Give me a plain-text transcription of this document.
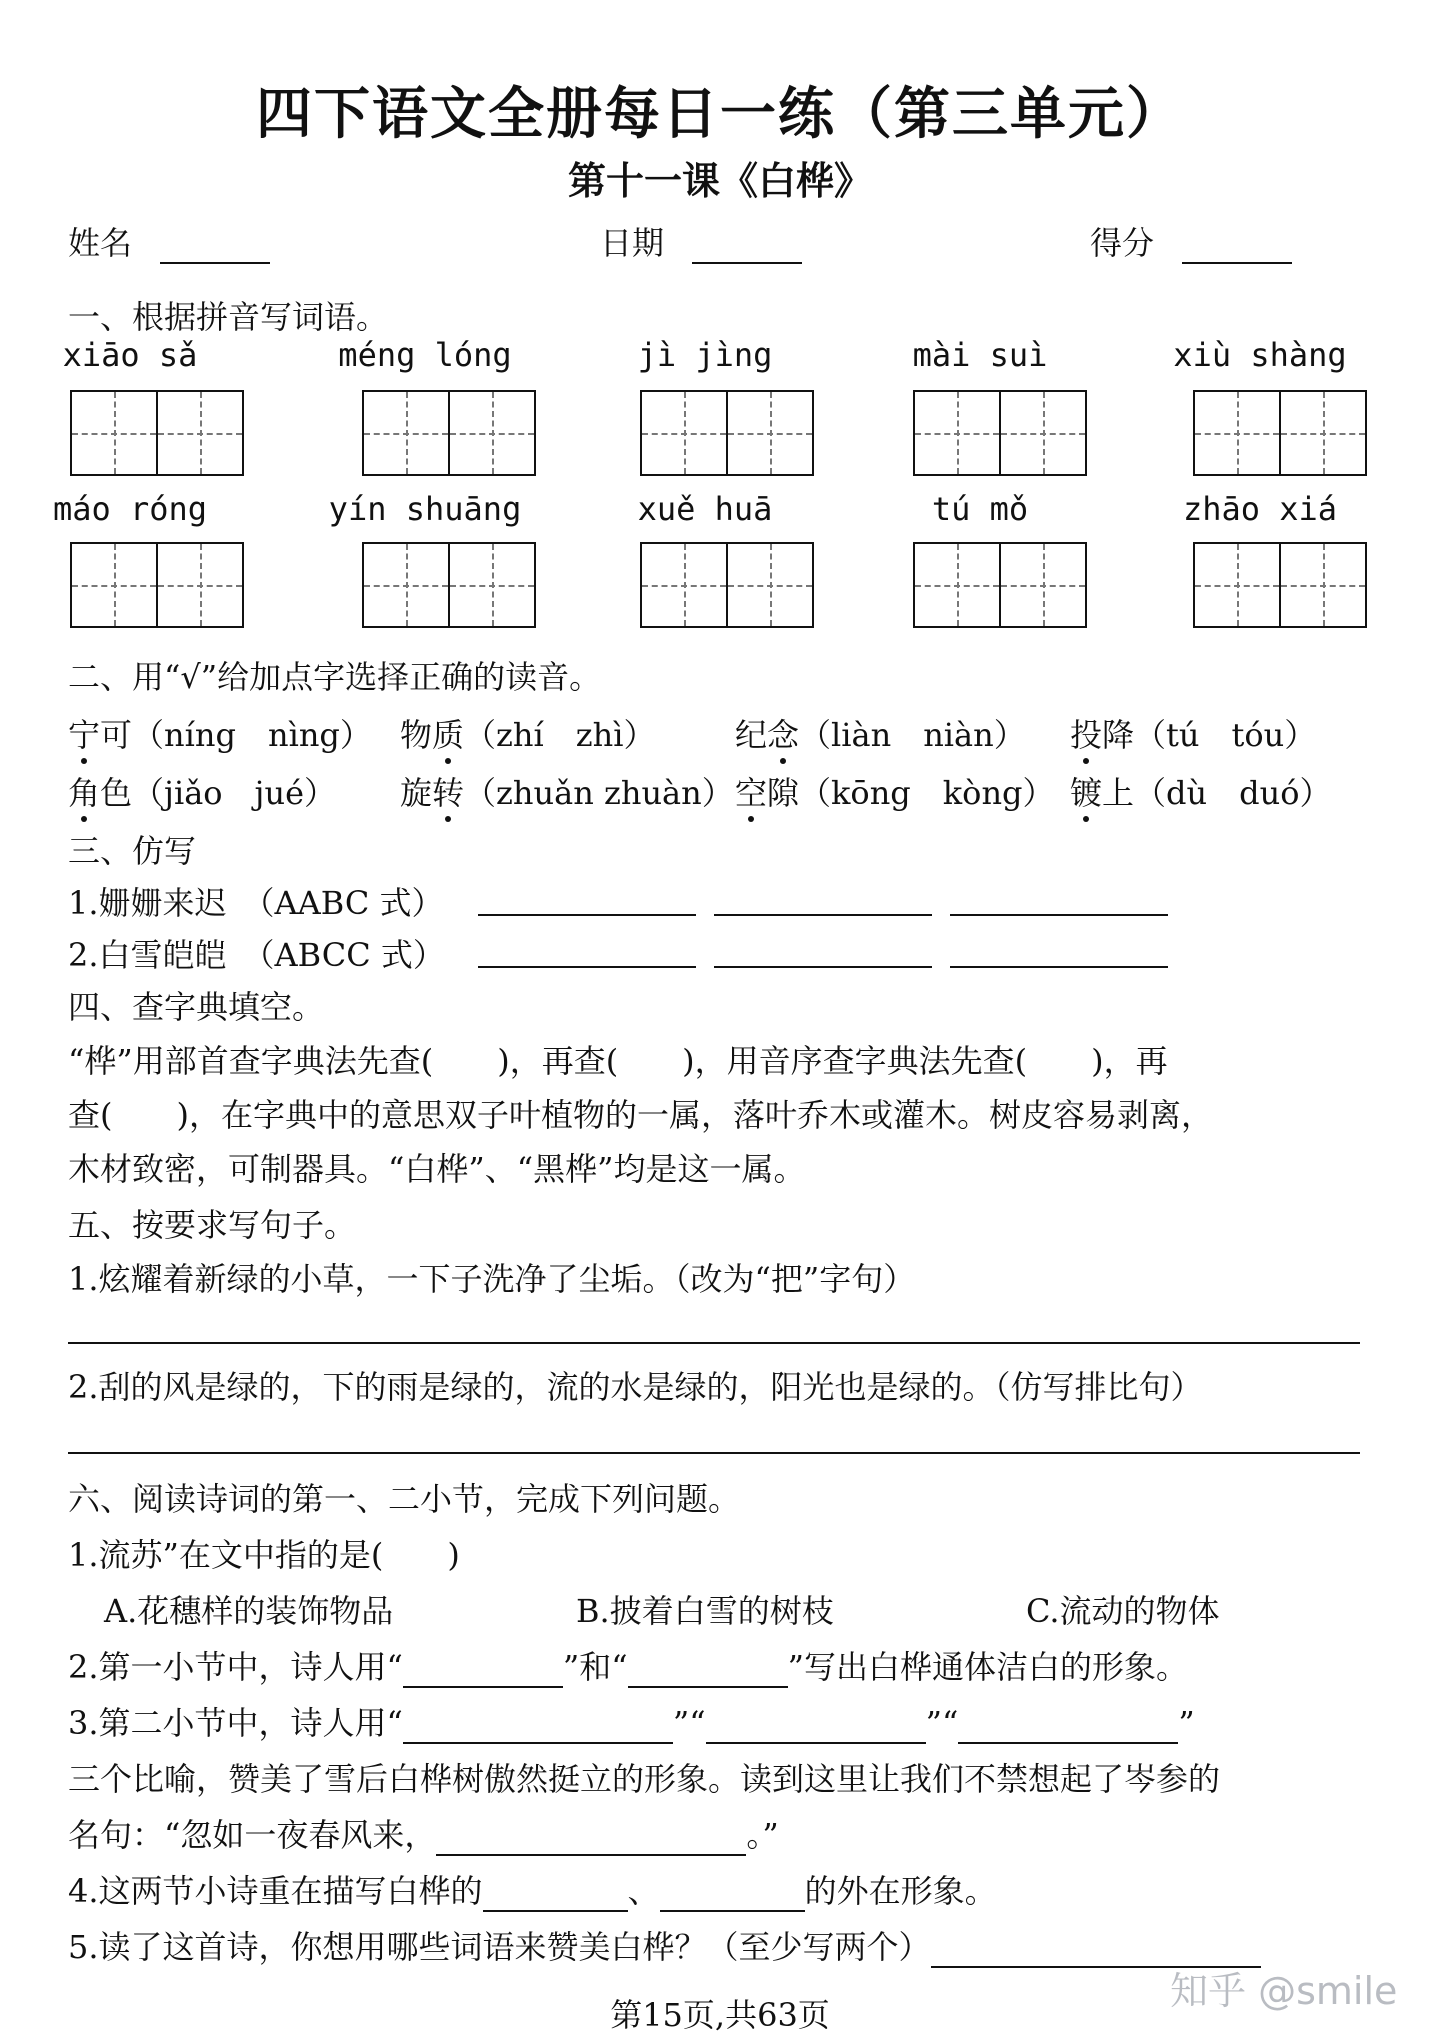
四下语文全册每日一练（第三单元）
第十一课《白桦》
姓名	日期	得分
一、根据拼音写词语。
xiāo sǎ	méng lóng	jì jìng	mài suì	xiù shàng
máo róng	yín shuāng	xuě huā	tú mǒ	zhāo xiá
二、用“√”给加点字选择正确的读音。
宁可（níng　nìng） 物质（zhí　zhì） 纪念（liàn　niàn） 投降（tú　tóu）
角色（jiǎo　jué） 旋转（zhuǎn zhuàn） 空隙（kōng　kòng） 镀上（dù　duó）
三、仿写
1.姗姗来迟　（AABC 式）
2.白雪皑皑　（ABCC 式）
四、查字典填空。
“桦”用部首查字典法先查(　　)，再查(　　)，用音序查字典法先查(　　)，再
查(　　)，在字典中的意思双子叶植物的一属，落叶乔木或灌木。树皮容易剥离，
木材致密，可制器具。“白桦”、“黑桦”均是这一属。
五、按要求写句子。
1.炫耀着新绿的小草，一下子洗净了尘垢。（改为“把”字句）
2.刮的风是绿的，下的雨是绿的，流的水是绿的，阳光也是绿的。（仿写排比句）
六、阅读诗词的第一、二小节，完成下列问题。
1.流苏”在文中指的是(　　)
A.花穗样的装饰物品	B.披着白雪的树枝	C.流动的物体
2.第一小节中，诗人用“	”和“	”写出白桦通体洁白的形象。
3.第二小节中，诗人用“	”“	”“	”
三个比喻，赞美了雪后白桦树傲然挺立的形象。读到这里让我们不禁想起了岑参的
名句：“忽如一夜春风来，	。”
4.这两节小诗重在描写白桦的	、	的外在形象。
5.读了这首诗，你想用哪些词语来赞美白桦？（至少写两个）
知乎 @smile
第15页,共63页
